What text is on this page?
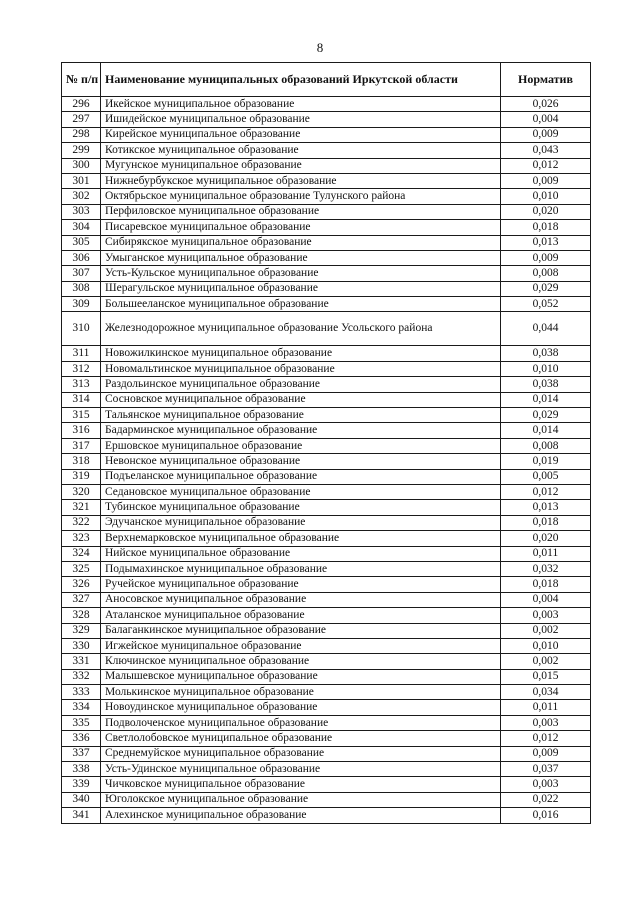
8
№ п/п	Наименование муниципальных образований Иркутской области	Норматив
296	Икейское муниципальное образование	0,026
297	Ишидейское муниципальное образование	0,004
298	Кирейское муниципальное образование	0,009
299	Котикское муниципальное образование	0,043
300	Мугунское муниципальное образование	0,012
301	Нижнебурбукское муниципальное образование	0,009
302	Октябрьское муниципальное образование Тулунского района	0,010
303	Перфиловское муниципальное образование	0,020
304	Писаревское муниципальное образование	0,018
305	Сибирякское муниципальное образование	0,013
306	Умыганское муниципальное образование	0,009
307	Усть-Кульское муниципальное образование	0,008
308	Шерагульское муниципальное образование	0,029
309	Большееланское муниципальное образование	0,052
310	Железнодорожное муниципальное образование Усольского района	0,044
311	Новожилкинское муниципальное образование	0,038
312	Новомальтинское муниципальное образование	0,010
313	Раздольинское муниципальное образование	0,038
314	Сосновское муниципальное образование	0,014
315	Тальянское муниципальное образование	0,029
316	Бадарминское муниципальное образование	0,014
317	Ершовское муниципальное образование	0,008
318	Невонское муниципальное образование	0,019
319	Подъеланское муниципальное образование	0,005
320	Седановское муниципальное образование	0,012
321	Тубинское муниципальное образование	0,013
322	Эдучанское муниципальное образование	0,018
323	Верхнемарковское муниципальное образование	0,020
324	Нийское муниципальное образование	0,011
325	Подымахинское муниципальное образование	0,032
326	Ручейское муниципальное образование	0,018
327	Аносовское муниципальное образование	0,004
328	Аталанское муниципальное образование	0,003
329	Балаганкинское муниципальное образование	0,002
330	Игжейское муниципальное образование	0,010
331	Ключинское муниципальное образование	0,002
332	Малышевское муниципальное образование	0,015
333	Молькинское муниципальное образование	0,034
334	Новоудинское муниципальное образование	0,011
335	Подволоченское муниципальное образование	0,003
336	Светлолобовское муниципальное образование	0,012
337	Среднемуйское муниципальное образование	0,009
338	Усть-Удинское муниципальное образование	0,037
339	Чичковское муниципальное образование	0,003
340	Юголокское муниципальное образование	0,022
341	Алехинское муниципальное образование	0,016
